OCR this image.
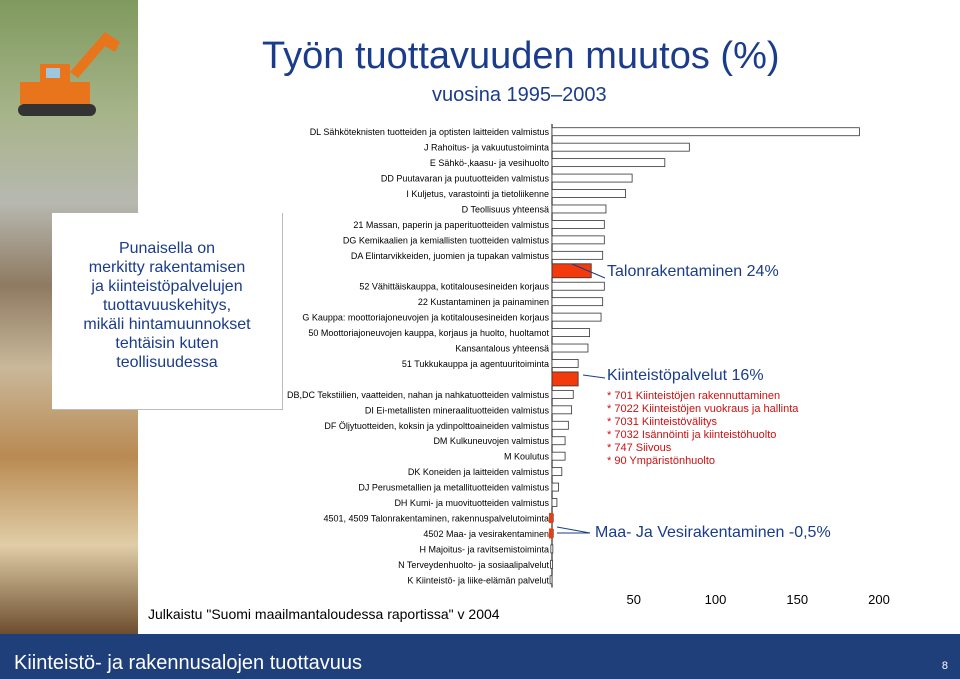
Punaisella on
merkitty rakentamisen
ja kiinteistöpalvelujen
tuottavuuskehitys,
mikäli hintamuunnokset
tehtäisin kuten
teollisuudessa
Työn tuottavuuden muutos (%)
vuosina 1995–2003
DL Sähköteknisten tuotteiden ja optisten laitteiden valmistus
J Rahoitus- ja vakuutustoiminta
E Sähkö-,kaasu- ja vesihuolto
DD Puutavaran ja puutuotteiden valmistus
I Kuljetus, varastointi ja tietoliikenne
D Teollisuus yhteensä
21 Massan, paperin ja paperituotteiden valmistus
DG Kemikaalien ja kemiallisten tuotteiden valmistus
DA Elintarvikkeiden, juomien ja tupakan valmistus
52 Vähittäiskauppa, kotitalousesineiden korjaus
22 Kustantaminen ja painaminen
G Kauppa: moottoriajoneuvojen ja kotitalousesineiden korjaus
50 Moottoriajoneuvojen kauppa, korjaus ja huolto, huoltamot
Kansantalous yhteensä
51 Tukkukauppa ja agentuuritoiminta
DB,DC Tekstiilien, vaatteiden, nahan ja nahkatuotteiden valmistus
DI Ei-metallisten mineraalituotteiden valmistus
DF Öljytuotteiden, koksin ja ydinpolttoaineiden valmistus
DM Kulkuneuvojen valmistus
M Koulutus
DK Koneiden ja laitteiden valmistus
DJ Perusmetallien ja metallituotteiden valmistus
DH Kumi- ja muovituotteiden valmistus
4501, 4509 Talonrakentaminen, rakennuspalvelutoiminta
4502 Maa- ja vesirakentaminen
H Majoitus- ja ravitsemistoiminta
N Terveydenhuolto- ja sosiaalipalvelut
K Kiinteistö- ja liike-elämän palvelut
50	100	150	200
Talonrakentaminen 24%
Kiinteistöpalvelut 16%
* 701 Kiinteistöjen rakennuttaminen
* 7022 Kiinteistöjen vuokraus ja hallinta
* 7031 Kiinteistövälitys
* 7032 Isännöinti ja kiinteistöhuolto
* 747 Siivous
* 90 Ympäristönhuolto
Maa- Ja Vesirakentaminen -0,5%
Julkaistu "Suomi maailmantaloudessa raportissa" v 2004
Kiinteistö- ja rakennusalojen tuottavuus	8
